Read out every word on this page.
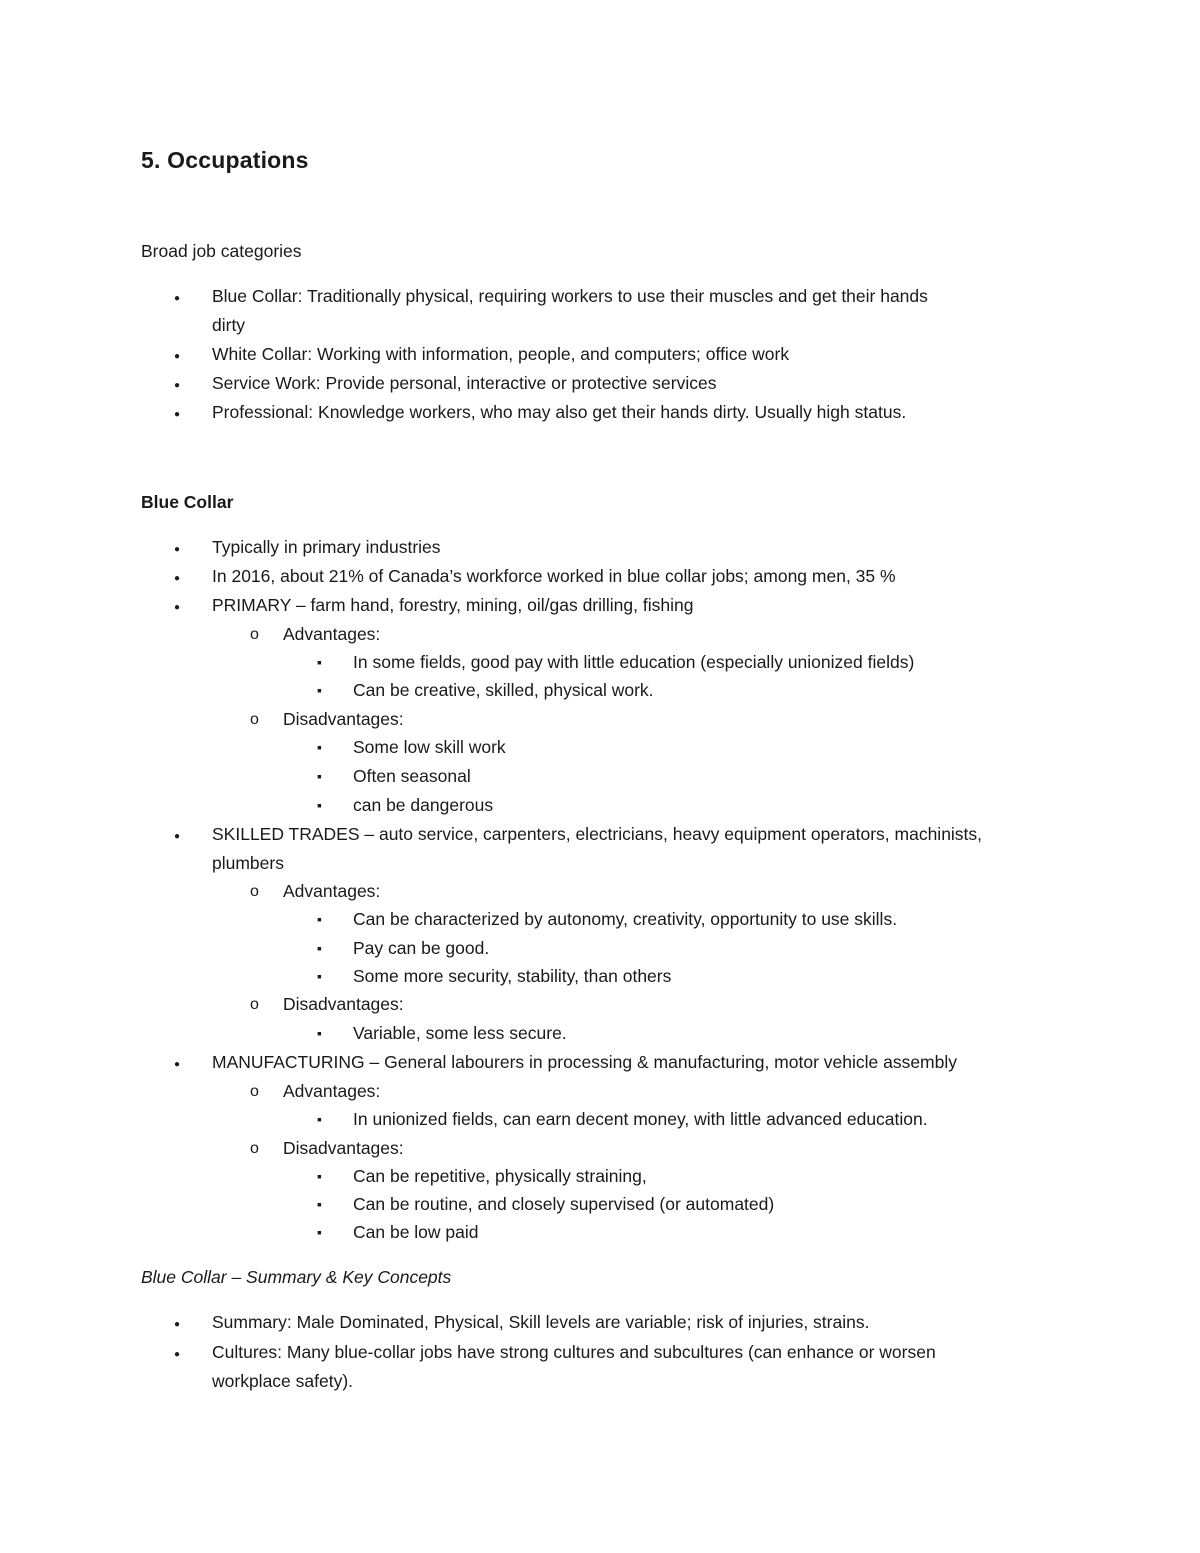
5. Occupations
Broad job categories
●
Blue Collar: Traditionally physical, requiring workers to use their muscles and get their hands
dirty
●
White Collar: Working with information, people, and computers; office work
●
Service Work: Provide personal, interactive or protective services
●
Professional: Knowledge workers, who may also get their hands dirty. Usually high status.
Blue Collar
●
Typically in primary industries
●
In 2016, about 21% of Canada’s workforce worked in blue collar jobs; among men, 35 %
●
PRIMARY – farm hand, forestry, mining, oil/gas drilling, fishing
o
Advantages:
▪
In some fields, good pay with little education (especially unionized fields)
▪
Can be creative, skilled, physical work.
o
Disadvantages:
▪
Some low skill work
▪
Often seasonal
▪
can be dangerous
●
SKILLED TRADES – auto service, carpenters, electricians, heavy equipment operators, machinists,
plumbers
o
Advantages:
▪
Can be characterized by autonomy, creativity, opportunity to use skills.
▪
Pay can be good.
▪
Some more security, stability, than others
o
Disadvantages:
▪
Variable, some less secure.
●
MANUFACTURING – General labourers in processing & manufacturing, motor vehicle assembly
o
Advantages:
▪
In unionized fields, can earn decent money, with little advanced education.
o
Disadvantages:
▪
Can be repetitive, physically straining,
▪
Can be routine, and closely supervised (or automated)
▪
Can be low paid
Blue Collar – Summary & Key Concepts
●
Summary: Male Dominated, Physical, Skill levels are variable; risk of injuries, strains.
●
Cultures: Many blue-collar jobs have strong cultures and subcultures (can enhance or worsen
workplace safety).
